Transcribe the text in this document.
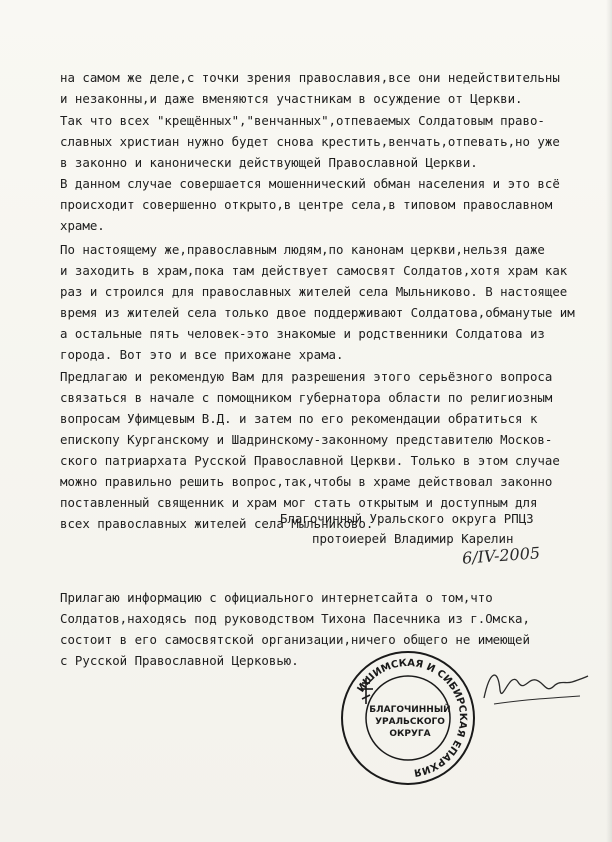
на самом же деле,с точки зрения православия,все они недействительны
и незаконны,и даже вменяются участникам в осуждение от Церкви.
Так что всех "крещённых","венчанных",отпеваемых Солдатовым право-
славных христиан нужно будет снова крестить,венчать,отпевать,но уже
в законно и канонически действующей Православной Церкви.
В данном случае совершается мошеннический обман населения и это всё
происходит совершенно открыто,в центре села,в типовом православном
храме.
По настоящему же,православным людям,по канонам церкви,нельзя даже
и заходить в храм,пока там действует самосвят Солдатов,хотя храм как
раз и строился для православных жителей села Мыльниково. В настоящее
время из жителей села только двое поддерживают Солдатова,обманутые им
а остальные пять человек-это знакомые и родственники Солдатова из
города. Вот это и все прихожане храма.
Предлагаю и рекомендую Вам для разрешения этого серьёзного вопроса
связаться в начале с помощником губернатора области по религиозным
вопросам Уфимцевым В.Д. и затем по его рекомендации обратиться к
епископу Курганскому и Шадринскому-законному представителю Москов-
ского патриархата Русской Православной Церкви. Только в этом случае
можно правильно решить вопрос,так,чтобы в храме действовал законно
поставленный священник и храм мог стать открытым и доступным для
всех православных жителей села Мыльниково.
Благочинный Уральского округа РПЦЗ
протоиерей Владимир Карелин
6/IV-2005
Прилагаю информацию с официального интернетсайта о том,что
Солдатов,находясь под руководством Тихона Пасечника из г.Омска,
состоит в его самосвятской организации,ничего общего не имеющей
с Русской Православной Церковью.
ИШИМСКАЯ И СИБИРСКАЯ ЕПАРХИЯ
БЛАГОЧИННЫЙ
УРАЛЬСКОГО
ОКРУГА
